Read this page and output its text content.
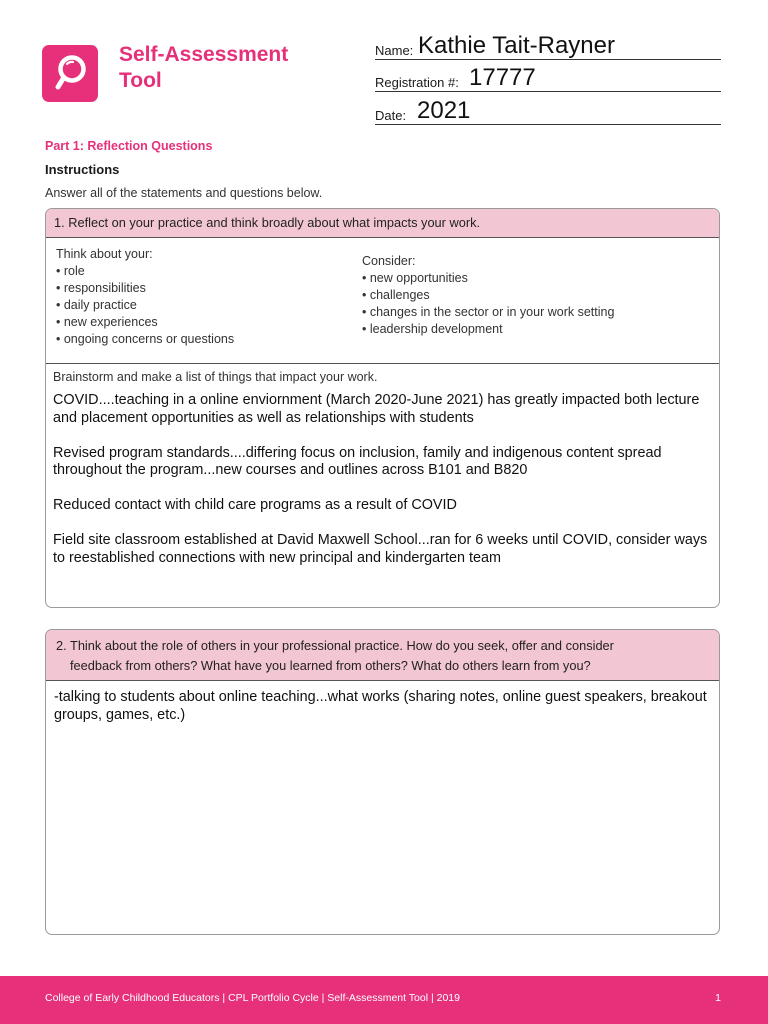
Self-Assessment
Tool
Name: Kathie Tait-Rayner
Registration #: 17777
Date: 2021
Part 1: Reflection Questions
Instructions
Answer all of the statements and questions below.
1. Reflect on your practice and think broadly about what impacts your work.
Think about your:
• role
• responsibilities
• daily practice
• new experiences
• ongoing concerns or questions
Consider:
• new opportunities
• challenges
• changes in the sector or in your work setting
• leadership development
Brainstorm and make a list of things that impact your work.

COVID....teaching in a online enviornment (March 2020-June 2021) has greatly impacted both lecture and placement opportunities as well as relationships with students

Revised program standards....differing focus on inclusion, family and indigenous content spread throughout the program...new courses and outlines across B101 and B820

Reduced contact with child care programs as a result of COVID

Field site classroom established at David Maxwell School...ran for 6 weeks until COVID, consider ways to reestablished connections with new principal and kindergarten team

2. Think about the role of others in your professional practice. How do you seek, offer and consider
feedback from others? What have you learned from others? What do others learn from you?
-talking to students about online teaching...what works (sharing notes, online guest speakers, breakout groups, games, etc.)
College of Early Childhood Educators | CPL Portfolio Cycle | Self-Assessment Tool | 2019	1
